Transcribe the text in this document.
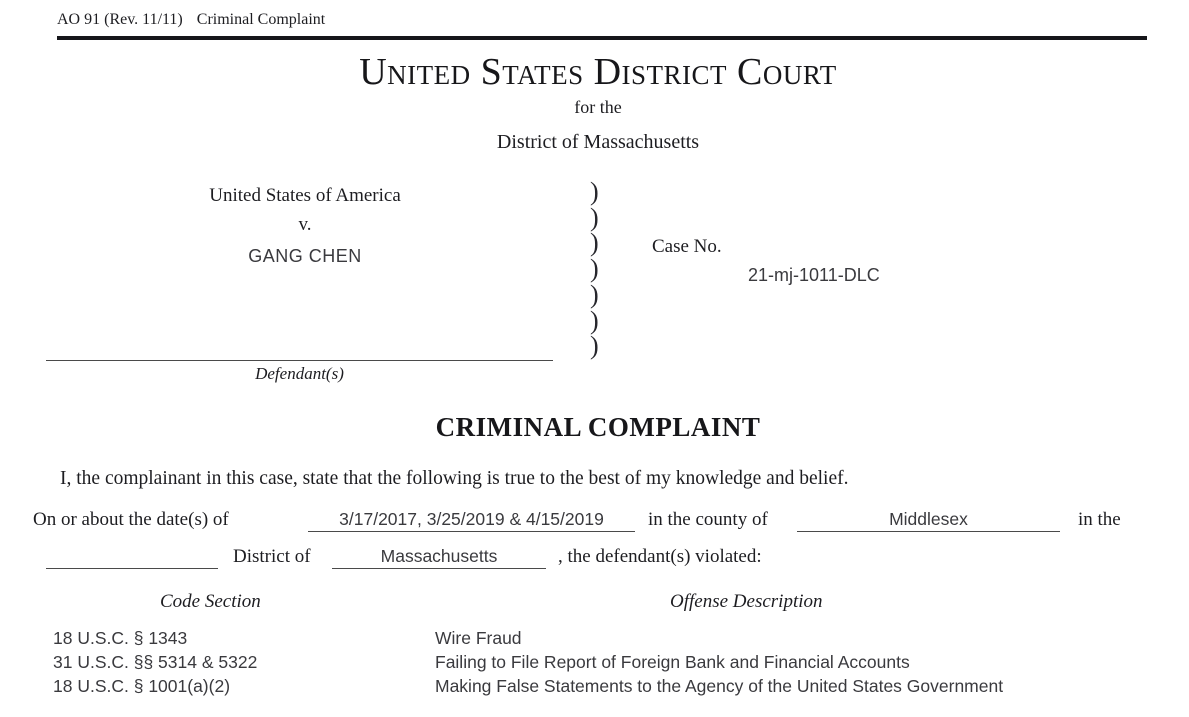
AO 91 (Rev. 11/11) Criminal Complaint
United States District Court
for the
District of Massachusetts
United States of America
v.
GANG CHEN
)
)
)
)
)
)
)
Case No.
21-mj-1011-DLC
Defendant(s)
CRIMINAL COMPLAINT
I, the complainant in this case, state that the following is true to the best of my knowledge and belief.
On or about the date(s) of	3/17/2017, 3/25/2019 & 4/15/2019	in the county of	Middlesex	in the
District of	Massachusetts	, the defendant(s) violated:
Code Section	Offense Description
18 U.S.C. § 1343	Wire Fraud
31 U.S.C. §§ 5314 & 5322	Failing to File Report of Foreign Bank and Financial Accounts
18 U.S.C. § 1001(a)(2)	Making False Statements to the Agency of the United States Government
